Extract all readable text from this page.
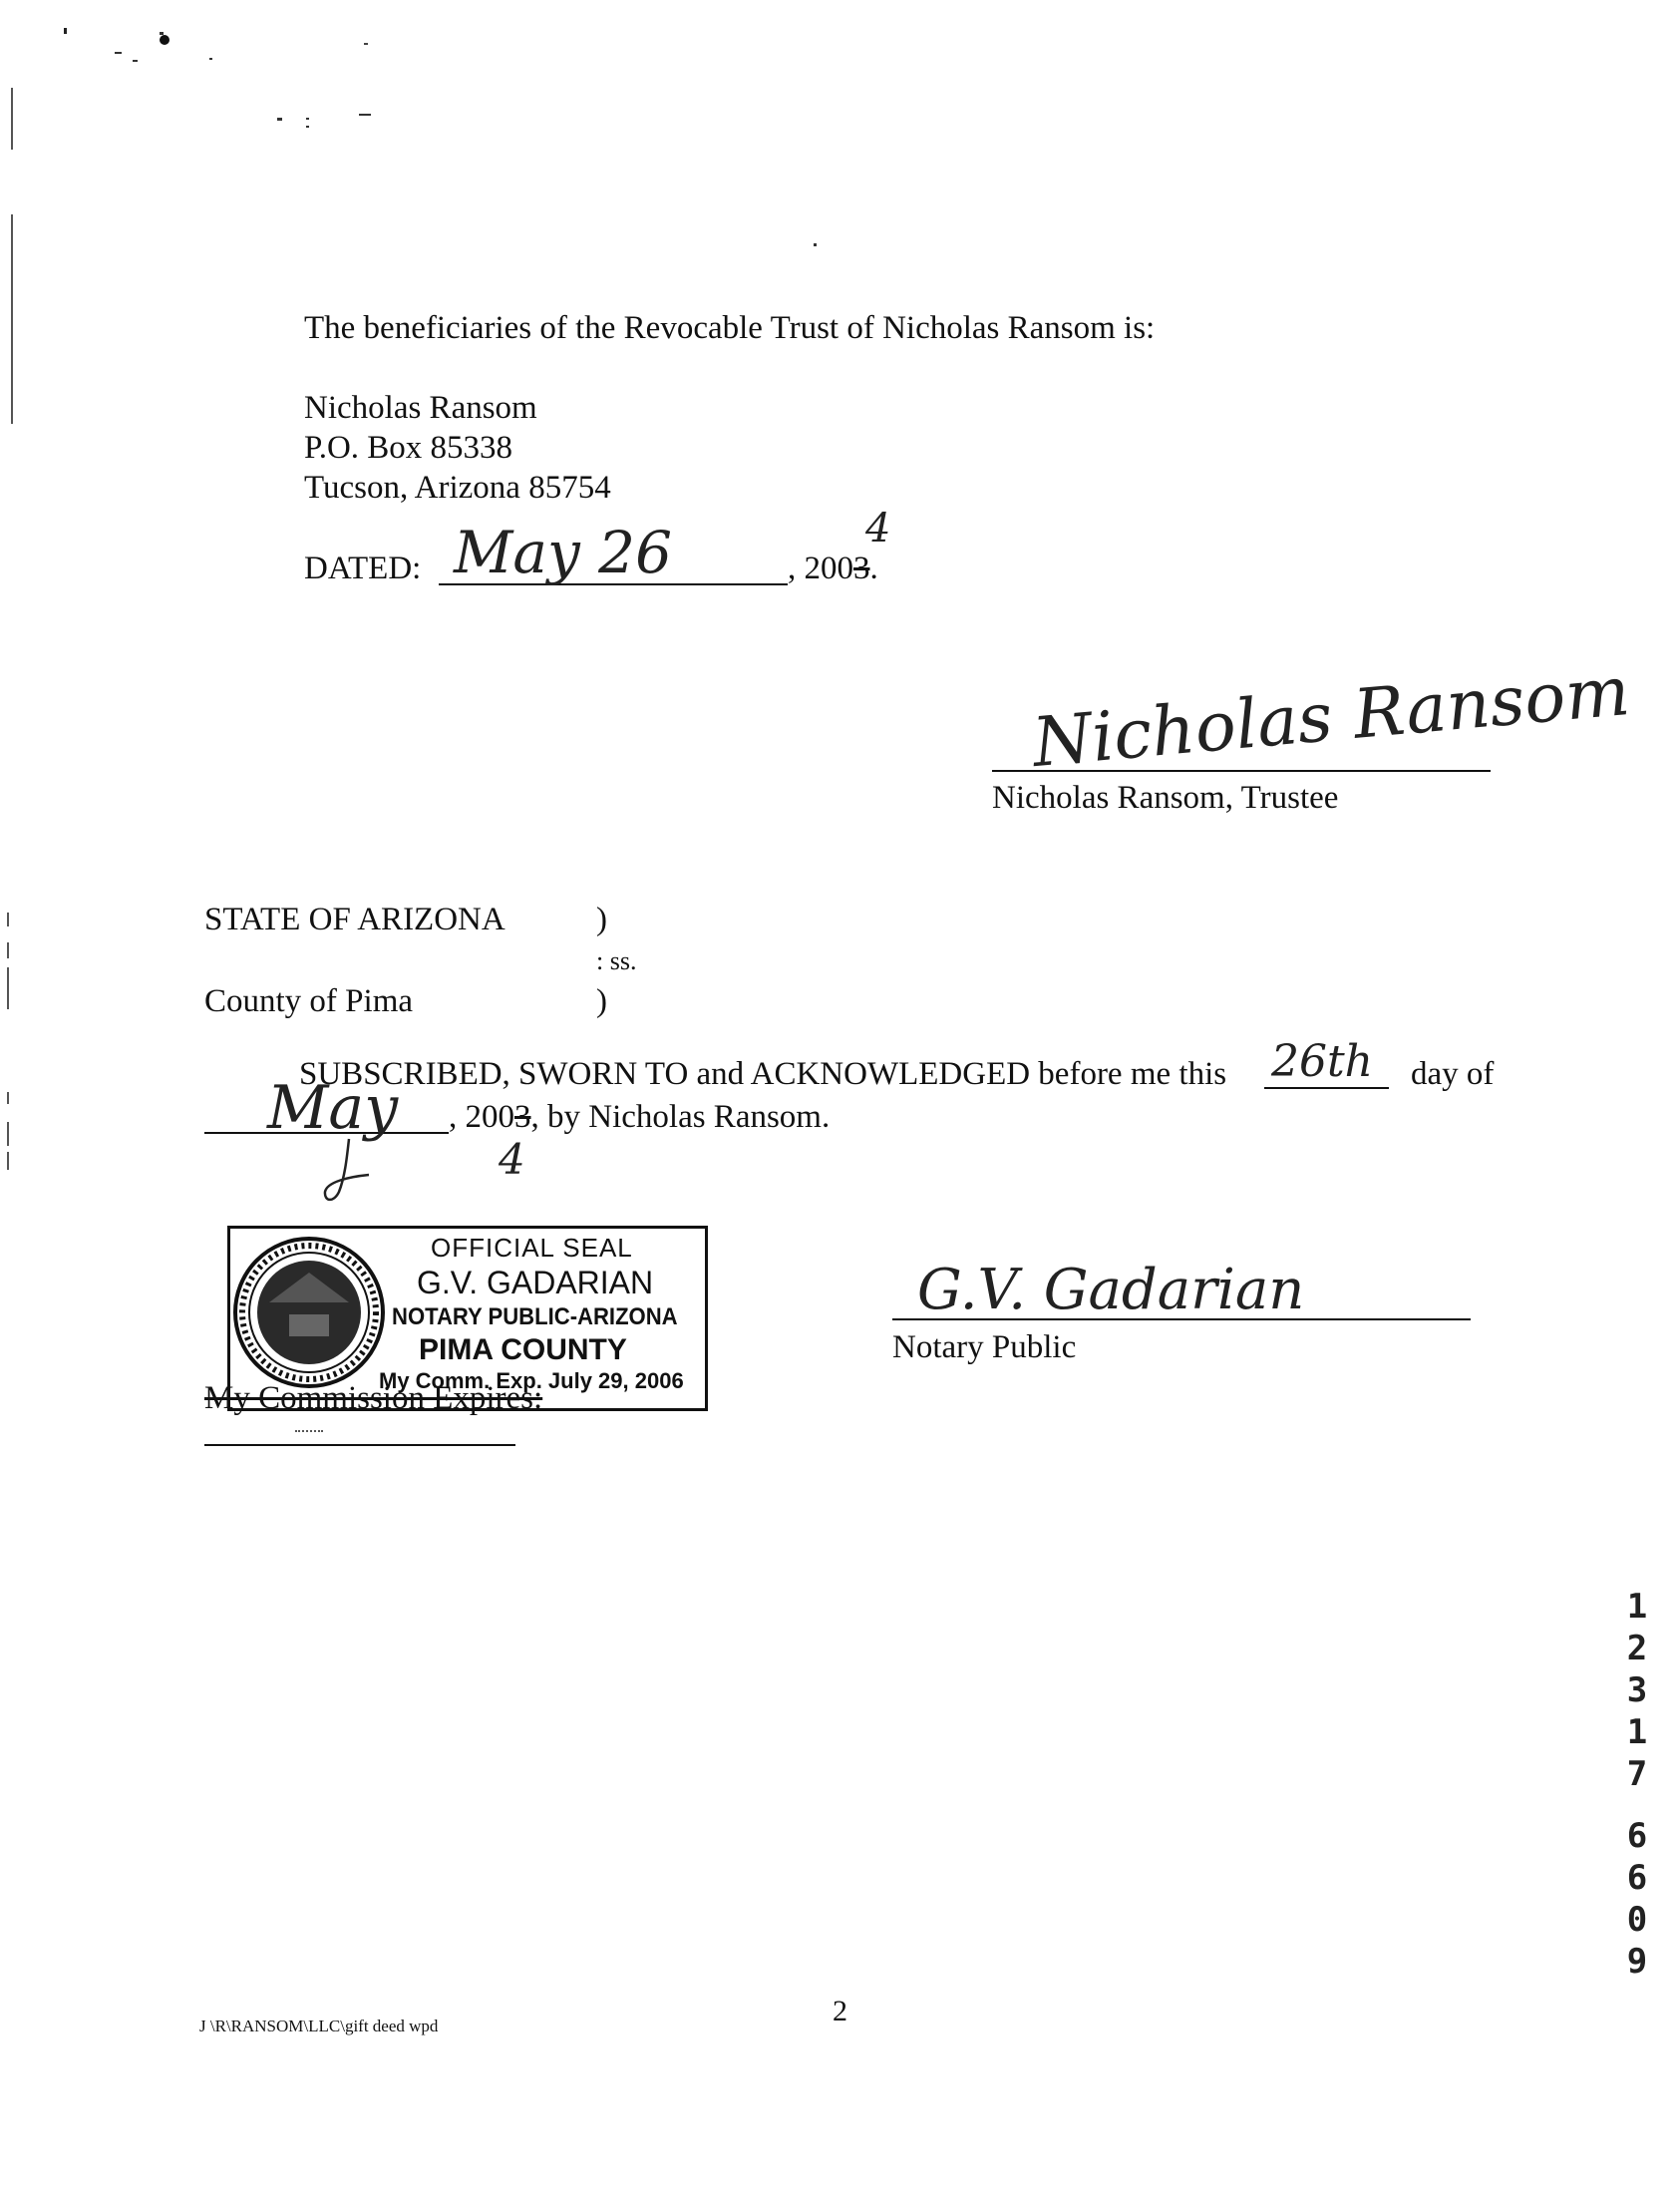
The beneficiaries of the Revocable Trust of Nicholas Ransom is:
Nicholas Ransom
P.O. Box 85338
Tucson, Arizona 85754
DATED: May 26	, 2003.
4
Nicholas Ransom
Nicholas Ransom, Trustee
STATE OF ARIZONA	)
: ss.
County of Pima	)
SUBSCRIBED, SWORN TO and ACKNOWLEDGED before me this 26th day of
May , 2003, by Nicholas Ransom.
4
OFFICIAL SEAL
G.V. GADARIAN
NOTARY PUBLIC-ARIZONA
PIMA COUNTY
My Comm. Exp. July 29, 2006
My Commission Expires:
G.V. Gadarian
Notary Public
1
2
3
1
7
6
6
0
9
J \R\RANSOM\LLC\gift deed wpd	2
